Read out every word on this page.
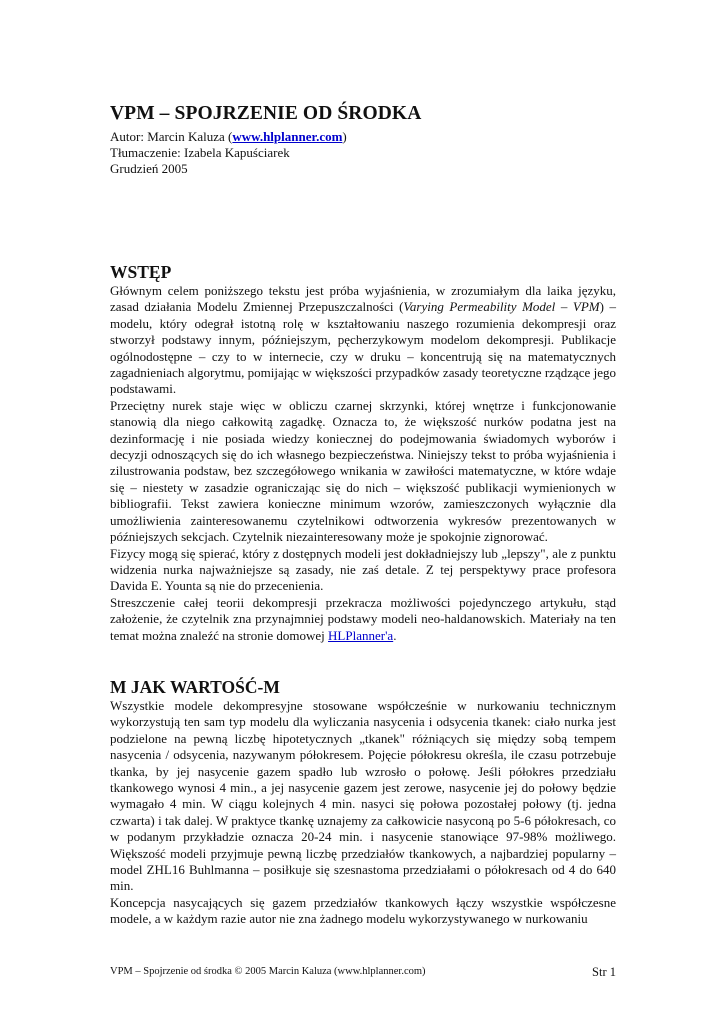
VPM – SPOJRZENIE OD ŚRODKA
Autor: Marcin Kaluza (www.hlplanner.com)
Tłumaczenie: Izabela Kapuściarek
Grudzień 2005
WSTĘP

Głównym celem poniższego tekstu jest próba wyjaśnienia, w zrozumiałym dla laika języku, zasad działania Modelu Zmiennej Przepuszczalności (Varying Permeability Model – VPM) – modelu, który odegrał istotną rolę w kształtowaniu naszego rozumienia dekompresji oraz stworzył podstawy innym, późniejszym, pęcherzykowym modelom dekompresji. Publikacje ogólnodostępne – czy to w internecie, czy w druku – koncentrują się na matematycznych zagadnieniach algorytmu, pomijając w większości przypadków zasady teoretyczne rządzące jego podstawami.

Przeciętny nurek staje więc w obliczu czarnej skrzynki, której wnętrze i funkcjonowanie stanowią dla niego całkowitą zagadkę. Oznacza to, że większość nurków podatna jest na dezinformację i nie posiada wiedzy koniecznej do podejmowania świadomych wyborów i decyzji odnoszących się do ich własnego bezpieczeństwa. Niniejszy tekst to próba wyjaśnienia i zilustrowania podstaw, bez szczegółowego wnikania w zawiłości matematyczne, w które wdaje się – niestety w zasadzie ograniczając się do nich – większość publikacji wymienionych w bibliografii. Tekst zawiera konieczne minimum wzorów, zamieszczonych wyłącznie dla umożliwienia zainteresowanemu czytelnikowi odtworzenia wykresów prezentowanych w późniejszych sekcjach. Czytelnik niezainteresowany może je spokojnie zignorować.

Fizycy mogą się spierać, który z dostępnych modeli jest dokładniejszy lub „lepszy", ale z punktu widzenia nurka najważniejsze są zasady, nie zaś detale. Z tej perspektywy prace profesora Davida E. Younta są nie do przecenienia.

Streszczenie całej teorii dekompresji przekracza możliwości pojedynczego artykułu, stąd założenie, że czytelnik zna przynajmniej podstawy modeli neo-haldanowskich. Materiały na ten temat można znaleźć na stronie domowej HLPlanner'a.

M JAK WARTOŚĆ-M

Wszystkie modele dekompresyjne stosowane współcześnie w nurkowaniu technicznym wykorzystują ten sam typ modelu dla wyliczania nasycenia i odsycenia tkanek: ciało nurka jest podzielone na pewną liczbę hipotetycznych „tkanek" różniących się między sobą tempem nasycenia / odsycenia, nazywanym półokresem. Pojęcie półokresu określa, ile czasu potrzebuje tkanka, by jej nasycenie gazem spadło lub wzrosło o połowę. Jeśli półokres przedziału tkankowego wynosi 4 min., a jej nasycenie gazem jest zerowe, nasycenie jej do połowy będzie wymagało 4 min. W ciągu kolejnych 4 min. nasyci się połowa pozostałej połowy (tj. jedna czwarta) i tak dalej. W praktyce tkankę uznajemy za całkowicie nasyconą po 5-6 półokresach, co w podanym przykładzie oznacza 20-24 min. i nasycenie stanowiące 97-98% możliwego. Większość modeli przyjmuje pewną liczbę przedziałów tkankowych, a najbardziej popularny – model ZHL16 Buhlmanna – posiłkuje się szesnastoma przedziałami o półokresach od 4 do 640 min.

Koncepcja nasycających się gazem przedziałów tkankowych łączy wszystkie współczesne modele, a w każdym razie autor nie zna żadnego modelu wykorzystywanego w nurkowaniu

VPM – Spojrzenie od środka © 2005 Marcin Kaluza (www.hlplanner.com)	Str 1
